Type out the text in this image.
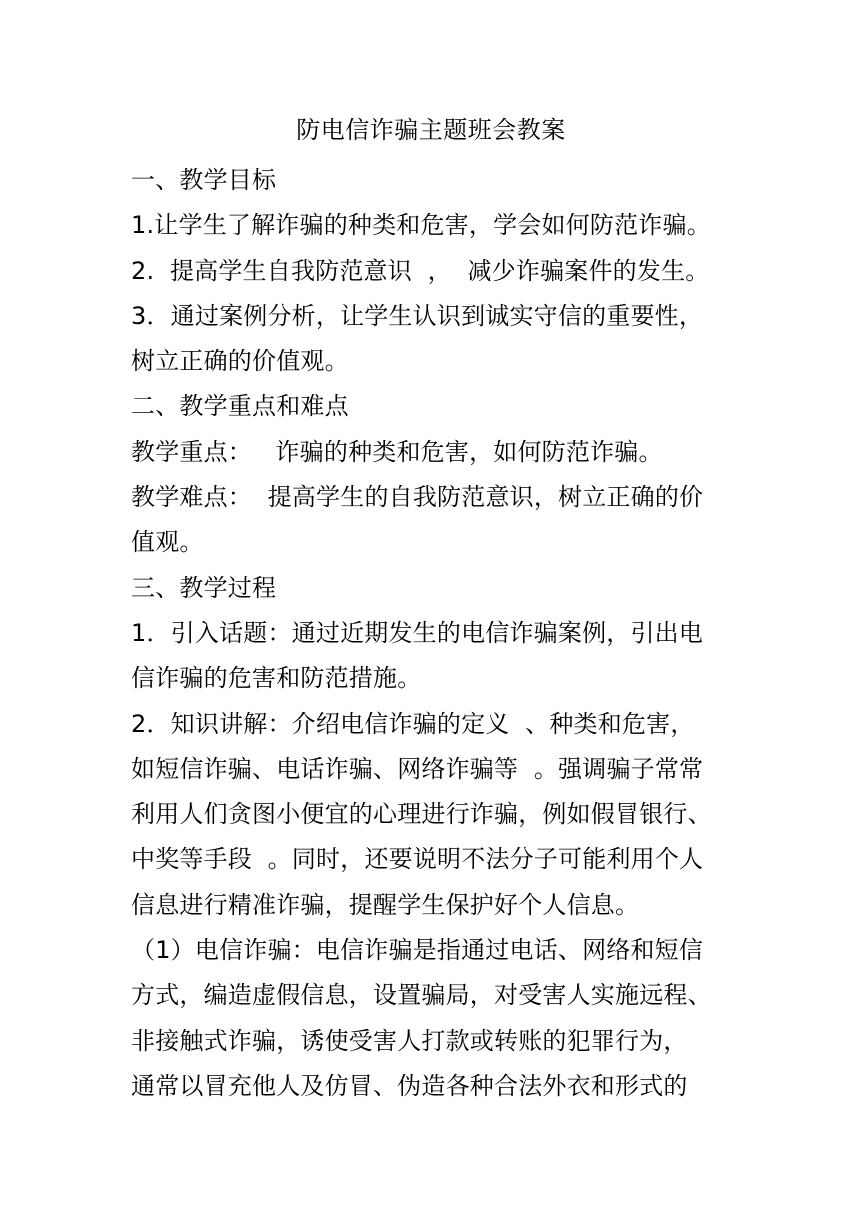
防电信诈骗主题班会教案
一、教学目标
1.让学生了解诈骗的种类和危害，学会如何防范诈骗。
2.  提高学生自我防范意识  ，  减少诈骗案件的发生。
3．通过案例分析，让学生认识到诚实守信的重要性，
树立正确的价值观。
二、教学重点和难点
教学重点：   诈骗的种类和危害，如何防范诈骗。
教学难点：  提高学生的自我防范意识，树立正确的价
值观。
三、教学过程
1．引入话题：通过近期发生的电信诈骗案例，引出电
信诈骗的危害和防范措施。
2．知识讲解：介绍电信诈骗的定义  、种类和危害，
如短信诈骗、电话诈骗、网络诈骗等  。强调骗子常常
利用人们贪图小便宜的心理进行诈骗，例如假冒银行、
中奖等手段  。同时，还要说明不法分子可能利用个人
信息进行精准诈骗，提醒学生保护好个人信息。
（1）电信诈骗：电信诈骗是指通过电话、网络和短信
方式，编造虚假信息，设置骗局，对受害人实施远程、
非接触式诈骗，诱使受害人打款或转账的犯罪行为，
通常以冒充他人及仿冒、伪造各种合法外衣和形式的
